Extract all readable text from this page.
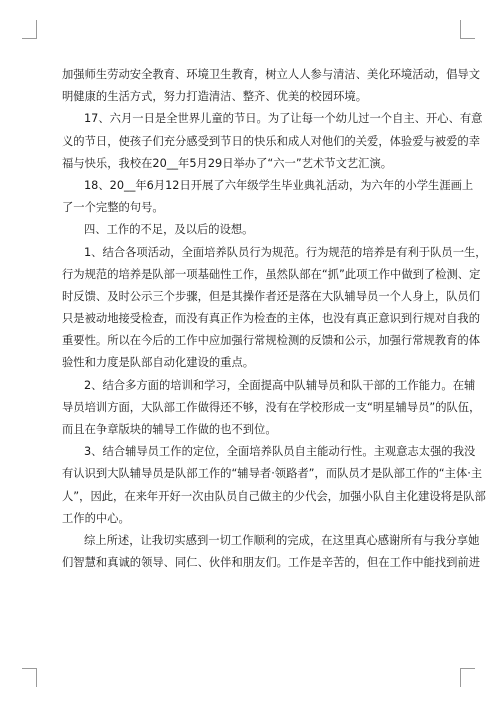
加强师生劳动安全教育、环境卫生教育，树立人人参与清洁、美化环境活动，倡导文
明健康的生活方式，努力打造清洁、整齐、优美的校园环境。
17、六月一日是全世界儿童的节日。为了让每一个幼儿过一个自主、开心、有意
义的节日，使孩子们充分感受到节日的快乐和成人对他们的关爱，体验爱与被爱的幸
福与快乐，我校在20__年5月29日举办了“六一”艺术节文艺汇演。
18、20__年6月12日开展了六年级学生毕业典礼活动，为六年的小学生涯画上
了一个完整的句号。
四、工作的不足，及以后的设想。
1、结合各项活动，全面培养队员行为规范。行为规范的培养是有利于队员一生，
行为规范的培养是队部一项基础性工作，虽然队部在“抓”此项工作中做到了检测、定
时反馈、及时公示三个步骤，但是其操作者还是落在大队辅导员一个人身上，队员们
只是被动地接受检查，而没有真正作为检查的主体，也没有真正意识到行规对自我的
重要性。所以在今后的工作中应加强行常规检测的反馈和公示，加强行常规教育的体
验性和力度是队部自动化建设的重点。
2、结合多方面的培训和学习，全面提高中队辅导员和队干部的工作能力。在辅
导员培训方面，大队部工作做得还不够，没有在学校形成一支“明星辅导员”的队伍，
而且在争章版块的辅导工作做的也不到位。
3、结合辅导员工作的定位，全面培养队员自主能动行性。主观意志太强的我没
有认识到大队辅导员是队部工作的“辅导者·领路者”，而队员才是队部工作的“主体·主
人”，因此，在来年开好一次由队员自己做主的少代会，加强小队自主化建设将是队部
工作的中心。
综上所述，让我切实感到一切工作顺利的完成，在这里真心感谢所有与我分享她
们智慧和真诚的领导、同仁、伙伴和朋友们。工作是辛苦的，但在工作中能找到前进
